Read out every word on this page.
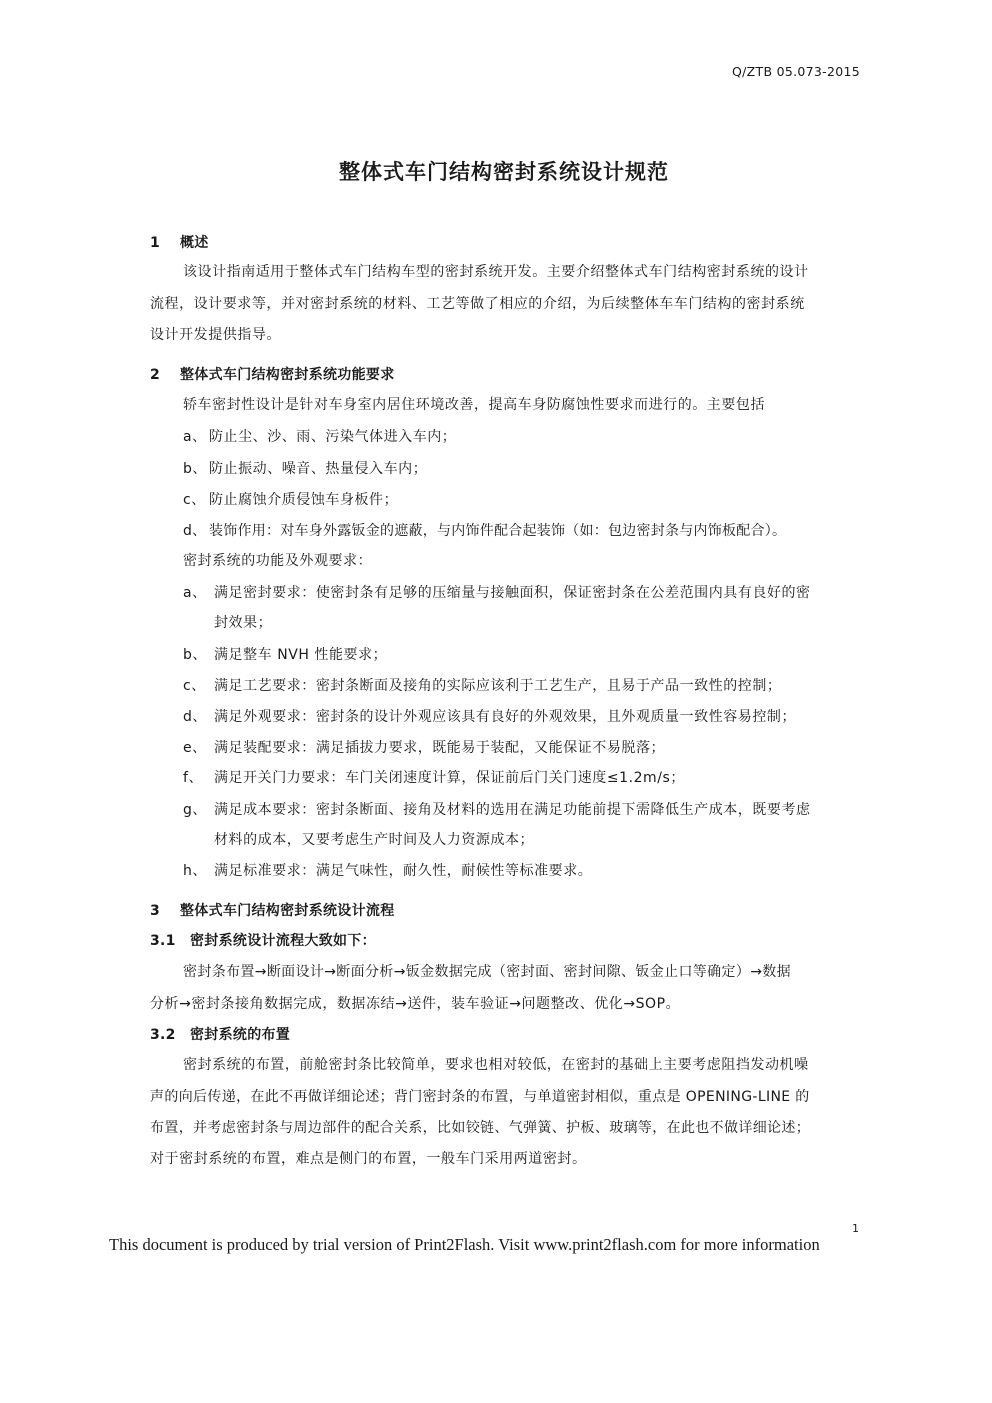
Q/ZTB 05.073-2015
整体式车门结构密封系统设计规范
1 概述
该设计指南适用于整体式车门结构车型的密封系统开发。主要介绍整体式车门结构密封系统的设计
流程，设计要求等，并对密封系统的材料、工艺等做了相应的介绍，为后续整体车车门结构的密封系统
设计开发提供指导。
2 整体式车门结构密封系统功能要求
轿车密封性设计是针对车身室内居住环境改善，提高车身防腐蚀性要求而进行的。主要包括
a、 防止尘、沙、雨、污染气体进入车内；
b、 防止振动、噪音、热量侵入车内；
c、 防止腐蚀介质侵蚀车身板件；
d、 装饰作用：对车身外露钣金的遮蔽，与内饰件配合起装饰（如：包边密封条与内饰板配合）。
密封系统的功能及外观要求：
a、 满足密封要求：使密封条有足够的压缩量与接触面积，保证密封条在公差范围内具有良好的密
封效果；
b、 满足整车 NVH 性能要求；
c、 满足工艺要求：密封条断面及接角的实际应该利于工艺生产，且易于产品一致性的控制；
d、 满足外观要求：密封条的设计外观应该具有良好的外观效果，且外观质量一致性容易控制；
e、 满足装配要求：满足插拔力要求，既能易于装配，又能保证不易脱落；
f、 满足开关门力要求：车门关闭速度计算，保证前后门关门速度≤1.2m/s；
g、 满足成本要求：密封条断面、接角及材料的选用在满足功能前提下需降低生产成本，既要考虑
材料的成本，又要考虑生产时间及人力资源成本；
h、 满足标准要求：满足气味性，耐久性，耐候性等标准要求。
3 整体式车门结构密封系统设计流程
3.1 密封系统设计流程大致如下：
密封条布置→断面设计→断面分析→钣金数据完成（密封面、密封间隙、钣金止口等确定）→数据
分析→密封条接角数据完成，数据冻结→送件，装车验证→问题整改、优化→SOP。
3.2 密封系统的布置
密封系统的布置，前舱密封条比较简单，要求也相对较低，在密封的基础上主要考虑阻挡发动机噪
声的向后传递，在此不再做详细论述；背门密封条的布置，与单道密封相似，重点是 OPENING-LINE 的
布置，并考虑密封条与周边部件的配合关系，比如铰链、气弹簧、护板、玻璃等，在此也不做详细论述；
对于密封系统的布置，难点是侧门的布置，一般车门采用两道密封。
1
This document is produced by trial version of Print2Flash. Visit www.print2flash.com for more information
